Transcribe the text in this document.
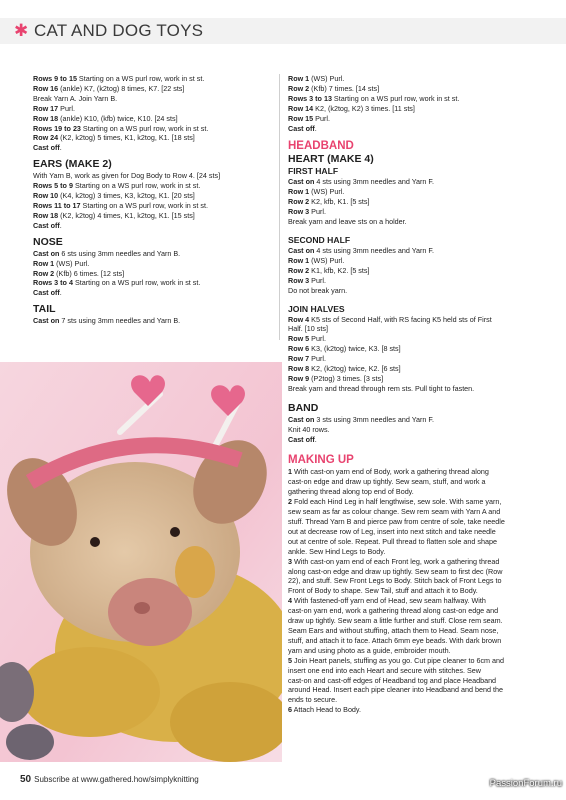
✱ CAT AND DOG TOYS
Rows 9 to 15 Starting on a WS purl row, work in st st.
Row 16 (ankle) K7, (k2tog) 8 times, K7. [22 sts]
Break Yarn A. Join Yarn B.
Row 17 Purl.
Row 18 (ankle) K10, (kfb) twice, K10. [24 sts]
Rows 19 to 23 Starting on a WS purl row, work in st st.
Row 24 (K2, k2tog) 5 times, K1, k2tog, K1. [18 sts]
Cast off.
EARS (MAKE 2)
With Yarn B, work as given for Dog Body to Row 4. [24 sts]
Rows 5 to 9 Starting on a WS purl row, work in st st.
Row 10 (K4, k2tog) 3 times, K3, k2tog, K1. [20 sts]
Rows 11 to 17 Starting on a WS purl row, work in st st.
Row 18 (K2, k2tog) 4 times, K1, k2tog, K1. [15 sts]
Cast off.
NOSE
Cast on 6 sts using 3mm needles and Yarn B.
Row 1 (WS) Purl.
Row 2 (Kfb) 6 times. [12 sts]
Rows 3 to 4 Starting on a WS purl row, work in st st.
Cast off.
TAIL
Cast on 7 sts using 3mm needles and Yarn B.
Row 1 (WS) Purl.
Row 2 (Kfb) 7 times. [14 sts]
Rows 3 to 13 Starting on a WS purl row, work in st st.
Row 14 K2, (k2tog, K2) 3 times. [11 sts]
Row 15 Purl.
Cast off.
HEADBAND
HEART (MAKE 4)
FIRST HALF
Cast on 4 sts using 3mm needles and Yarn F.
Row 1 (WS) Purl.
Row 2 K2, kfb, K1. [5 sts]
Row 3 Purl.
Break yarn and leave sts on a holder.
SECOND HALF
Cast on 4 sts using 3mm needles and Yarn F.
Row 1 (WS) Purl.
Row 2 K1, kfb, K2. [5 sts]
Row 3 Purl.
Do not break yarn.
JOIN HALVES
Row 4 K5 sts of Second Half, with RS facing K5 held sts of First
Half. [10 sts]
Row 5 Purl.
Row 6 K3, (k2tog) twice, K3. [8 sts]
Row 7 Purl.
Row 8 K2, (k2tog) twice, K2. [6 sts]
Row 9 (P2tog) 3 times. [3 sts]
Break yarn and thread through rem sts. Pull tight to fasten.
BAND
Cast on 3 sts using 3mm needles and Yarn F.
Knit 40 rows.
Cast off.
MAKING UP
1 With cast-on yarn end of Body, work a gathering thread along
cast-on edge and draw up tightly. Sew seam, stuff, and work a
gathering thread along top end of Body.
2 Fold each Hind Leg in half lengthwise, sew sole. With same yarn,
sew seam as far as colour change. Sew rem seam with Yarn A and
stuff. Thread Yarn B and pierce paw from centre of sole, take needle
out at decrease row of Leg, insert into next stitch and take needle
out at centre of sole. Repeat. Pull thread to flatten sole and shape
ankle. Sew Hind Legs to Body.
3 With cast-on yarn end of each Front leg, work a gathering thread
along cast-on edge and draw up tightly. Sew seam to first dec (Row
22), and stuff. Sew Front Legs to Body. Stitch back of Front Legs to
Front of Body to shape. Sew Tail, stuff and attach it to Body.
4 With fastened-off yarn end of Head, sew seam halfway. With
cast-on yarn end, work a gathering thread along cast-on edge and
draw up tightly. Sew seam a little further and stuff. Close rem seam.
Seam Ears and without stuffing, attach them to Head. Seam nose,
stuff, and attach it to face. Attach 6mm eye beads. With dark brown
yarn and using photo as a guide, embroider mouth.
5 Join Heart panels, stuffing as you go. Cut pipe cleaner to 6cm and
insert one end into each Heart and secure with stitches. Sew
cast-on and cast-off edges of Headband tog and place Headband
around Head. Insert each pipe cleaner into Headband and bend the
ends to secure.
6 Attach Head to Body.
50 Subscribe at www.gathered.how/simplyknitting	PassionForum.ru
